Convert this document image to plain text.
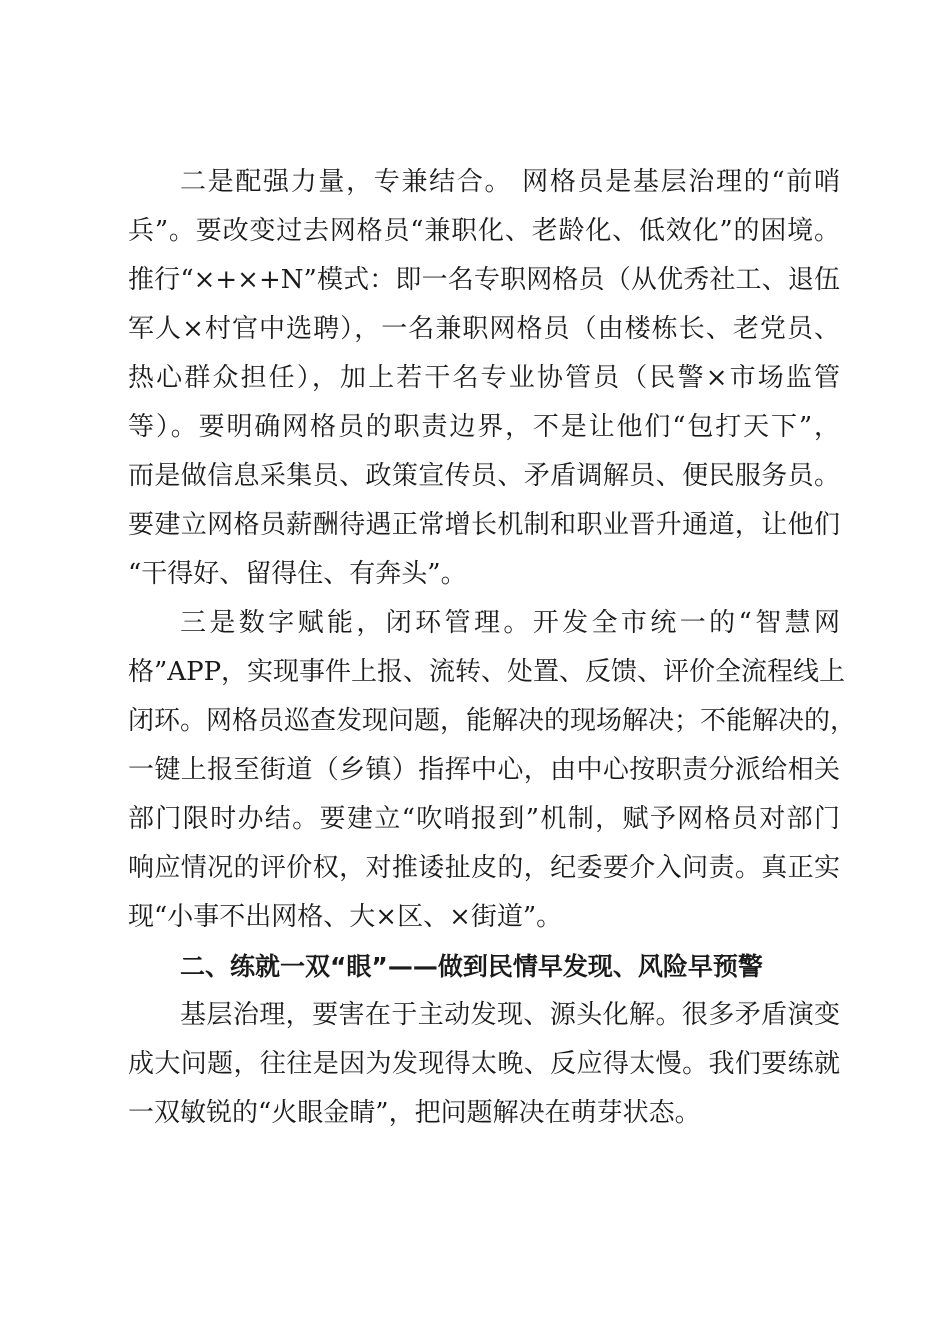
二是配强力量，专兼结合。 网格员是基层治理的“前哨
兵”。要改变过去网格员“兼职化、老龄化、低效化”的困境。
推行“×+×+N”模式：即一名专职网格员（从优秀社工、退伍
军人×村官中选聘），一名兼职网格员（由楼栋长、老党员、
热心群众担任），加上若干名专业协管员（民警×市场监管
等）。要明确网格员的职责边界，不是让他们“包打天下”，
而是做信息采集员、政策宣传员、矛盾调解员、便民服务员。
要建立网格员薪酬待遇正常增长机制和职业晋升通道，让他们
“干得好、留得住、有奔头”。
三是数字赋能，闭环管理。开发全市统一的“智慧网
格”APP，实现事件上报、流转、处置、反馈、评价全流程线上
闭环。网格员巡查发现问题，能解决的现场解决；不能解决的，
一键上报至街道（乡镇）指挥中心，由中心按职责分派给相关
部门限时办结。要建立“吹哨报到”机制，赋予网格员对部门
响应情况的评价权，对推诿扯皮的，纪委要介入问责。真正实
现“小事不出网格、大×区、×街道”。
二、练就一双“眼”——做到民情早发现、风险早预警
基层治理，要害在于主动发现、源头化解。很多矛盾演变
成大问题，往往是因为发现得太晚、反应得太慢。我们要练就
一双敏锐的“火眼金睛”，把问题解决在萌芽状态。
